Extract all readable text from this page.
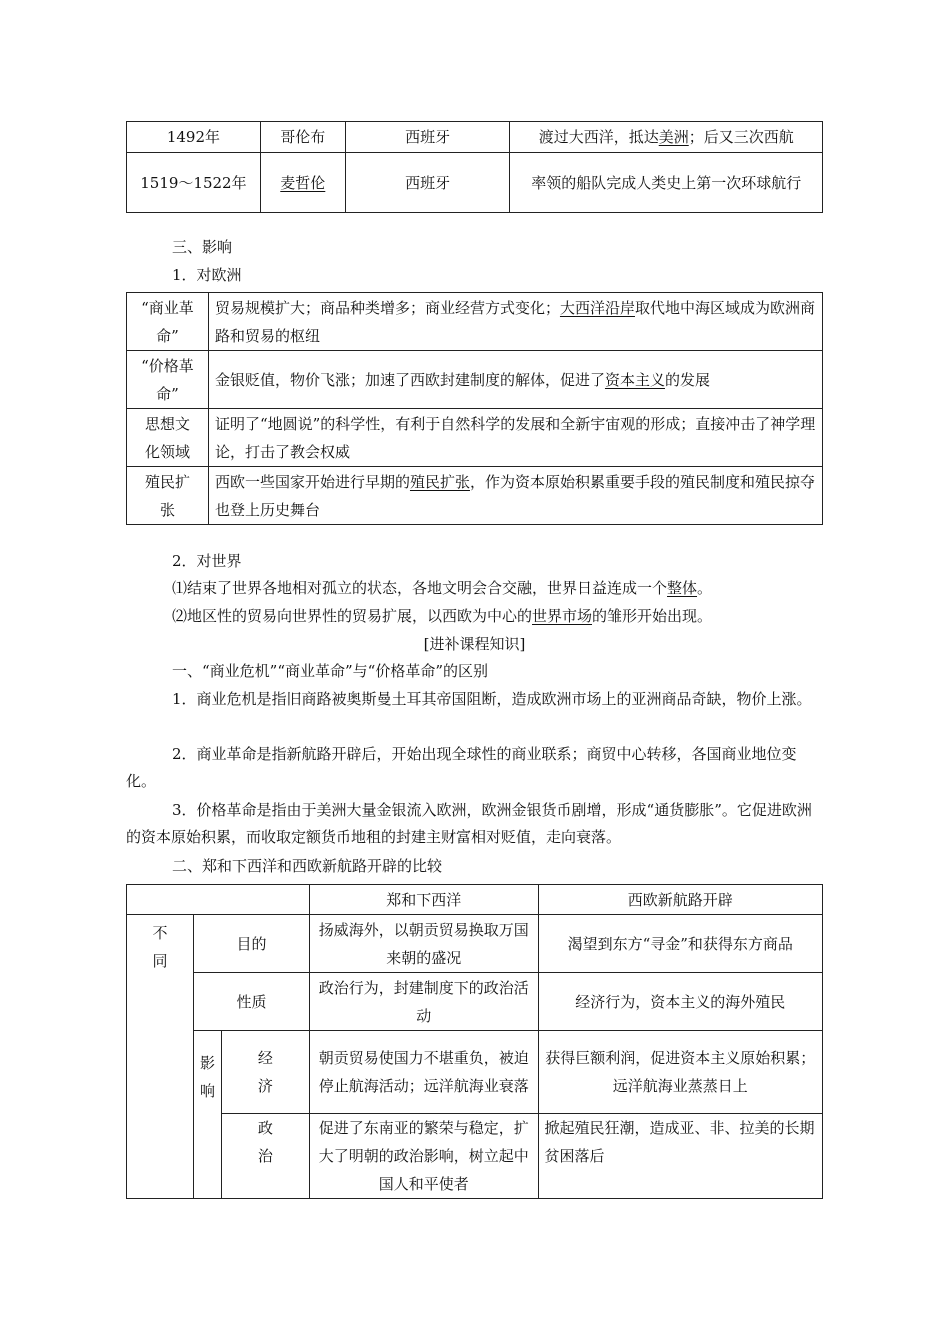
1492年	哥伦布	西班牙	渡过大西洋，抵达美洲；后又三次西航
1519～1522年	麦哲伦	西班牙	率领的船队完成人类史上第一次环球航行

三、影响

1．对欧洲

“商业革命”	贸易规模扩大；商品种类增多；商业经营方式变化；大西洋沿岸取代地中海区域成为欧洲商路和贸易的枢纽
“价格革命”	金银贬值，物价飞涨；加速了西欧封建制度的解体，促进了资本主义的发展
思想文化领域	证明了“地圆说”的科学性，有利于自然科学的发展和全新宇宙观的形成；直接冲击了神学理论，打击了教会权威
殖民扩张	西欧一些国家开始进行早期的殖民扩张，作为资本原始积累重要手段的殖民制度和殖民掠夺也登上历史舞台

2．对世界

⑴结束了世界各地相对孤立的状态，各地文明会合交融，世界日益连成一个整体。

⑵地区性的贸易向世界性的贸易扩展，以西欧为中心的世界市场的雏形开始出现。

[进补课程知识]

一、“商业危机”“商业革命”与“价格革命”的区别

1．商业危机是指旧商路被奥斯曼土耳其帝国阻断，造成欧洲市场上的亚洲商品奇缺，物价上涨。

2．商业革命是指新航路开辟后，开始出现全球性的商业联系；商贸中心转移，各国商业地位变化。

3．价格革命是指由于美洲大量金银流入欧洲，欧洲金银货币剧增，形成“通货膨胀”。它促进欧洲的资本原始积累，而收取定额货币地租的封建主财富相对贬值，走向衰落。

二、郑和下西洋和西欧新航路开辟的比较

			郑和下西洋	西欧新航路开辟
不同	目的		扬威海外，以朝贡贸易换取万国来朝的盛况	渴望到东方“寻金”和获得东方商品
	性质		政治行为，封建制度下的政治活动	经济行为，资本主义的海外殖民
	影响	经济	朝贡贸易使国力不堪重负，被迫停止航海活动；远洋航海业衰落	获得巨额利润，促进资本主义原始积累；远洋航海业蒸蒸日上
		政治	促进了东南亚的繁荣与稳定，扩大了明朝的政治影响，树立起中国人和平使者	掀起殖民狂潮，造成亚、非、拉美的长期贫困落后
